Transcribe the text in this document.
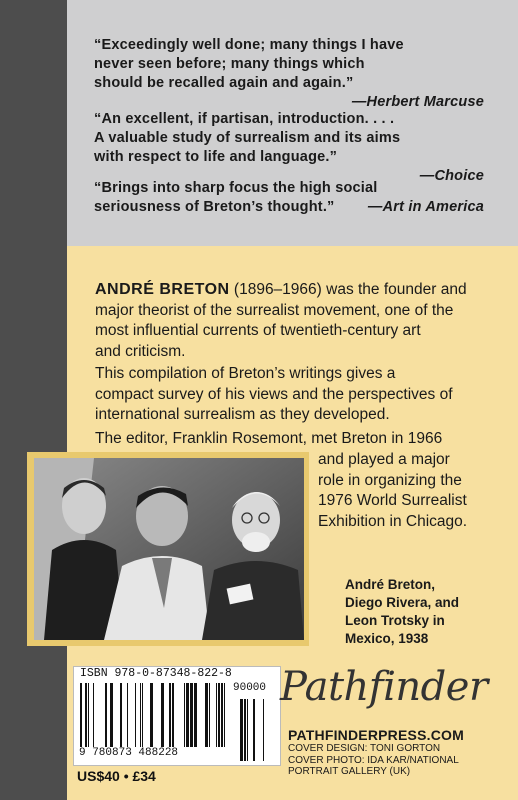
“Exceedingly well done; many things I have
never seen before; many things which
should be recalled again and again.”
—Herbert Marcuse
“An excellent, if partisan, introduction. . . .
A valuable study of surrealism and its aims
with respect to life and language.”
—Choice
“Brings into sharp focus the high social
seriousness of Breton’s thought.”	—Art in America
ANDRÉ BRETON (1896–1966) was the founder and
major theorist of the surrealist movement, one of the
most influential currents of twentieth-century art
and criticism.
This compilation of Breton’s writings gives a
compact survey of his views and the perspectives of
international surrealism as they developed.
The editor, Franklin Rosemont, met Breton in 1966
and played a major
role in organizing the
1976 World Surrealist
Exhibition in Chicago.
André Breton,
Diego Rivera, and
Leon Trotsky in
Mexico, 1938
ISBN 978-0-87348-822-8
90000
9 780873 488228
US$40 • £34
Pathfinder
PATHFINDERPRESS.COM
COVER DESIGN: TONI GORTON
COVER PHOTO: IDA KAR/NATIONAL
PORTRAIT GALLERY (UK)
